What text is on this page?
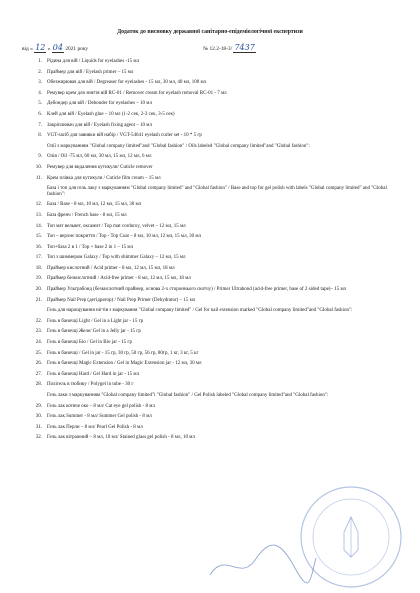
Додаток до висновку державної санітарно-епідеміологічної експертизи
від « 12 » 04 2021 року	№ 12.2-18-3/ 7437
1. Рідина для вій / Liquids for eyelashes -15 мл
2. Праймер для вій / Eyelash primer – 15 мл
3. Обезжирювач для вій / Degreaser for eyelashes - 15 мл, 30 мл, 40 мл, 100 мл
4. Ремувер крем для зняття вій RC-01 / Remover cream for eyelash removal RC-01 - 7 мл
5. Дебондер для вій / Debonder for eyelashes – 10 мл
6. Клей для вій / Eyelash glue – 10 мл (1-2 сек, 2-3 сек, 3-5 сек)
7. Закріплювач для вій / Eyelash fixing agent – 10 мл
8. VGT-засіб для завивки вій набір / VGT-54641 eyelash curler set - 10 * 5 гр
Олії з маркуванням "Global company limited"and "Global fashion" / Oils labeled "Global company limited"and "Global fashion":
9. Олія / Oil -75 мл, 60 мл, 30 мл, 15 мл, 12 мл, 6 мл
10. Ремувер для видалення кутикули/ Cuticle remover
11. Крем плівка для кутикули / Cuticle film cream – 15 мл
База і топ для гель лаку з маркуванням "Global company limited" and "Global fashion" / Base and top for gel polish with labels "Global company limited" and "Global fashion":
12. База / Base - 8 мл, 10 мл, 12 мл, 15 мл, 30 мл
13. База френч / French base - 8 мл, 15 мл
14. Топ мат вельвет, оксамит / Top mat corduroy, velvet – 12 мл, 15 мл
15. Топ – верхнє покриття / Top - Top Coat – 8 мл, 10 мл, 12 мл, 15 мл, 30 мл
16. Топ+база 2 в 1 / Top + base 2 in 1 – 15 мл
17. Топ з шиммером Galaxy / Top with shimmer Galaxy – 12 мл, 15 мл
18. Праймер кислотний / Acid primer - 8 мл, 12 мл, 15 мл, 18 мл
19. Праймер безкислотний / Acid-free primer - 8 мл, 12 мл, 15 мл, 18 мл
20. Праймер Ультрабонд (безкислотний праймер, основа 2-х стороннього скотчу) / Primer Ultrabond (acid-free primer, base of 2 sided tape)– 15 мл
21. Праймер Nail Prep (дегідратор) / Nail Prep Primer (Dehydrator) – 15 мл
Гель для нарощування нігтів з маркування "Global company limited" / Gel for nail extension marked "Global company limited"and "Global fashion":
22. Гель в баночці Light / Gel in a Light jar - 15 гр
23. Гель в баночці Желе/ Gel in a Jelly jar - 15 гр
24. Гель в баночці Біо / Gel in Bio jar - 15 гр
25. Гель в баночці / Gel in jar - 15 гр, 30 гр, 50 гр, 56 гр, 80гр, 1 кг, 3 кг, 5 кг
26. Гель в баночці Magic Extension / Gel in Magic Extension jar - 12 мл, 30 мл
27. Гель в баночці Hard / Gel Hard in jar - 15 мл
28. Полігель в тюбику / Polygel in tube - 30 г
Гель лаки з маркуванням "Global company limited"і "Global fashion" / Gel Polish labeled "Global company limited"and "Global fashion":
29. Гель лак котяче око – 8 мл/ Cat eye gel polish - 8 мл
30. Гель лак Summer - 8 мл/ Summer Gel polish - 8 мл
31. Гель лак Перли – 8 мл/ Pearl Gel Polish - 8 мл
32. Гель лак вітражний – 8 мл, 10 мл/ Stained glass gel polish - 8 мл, 10 мл
